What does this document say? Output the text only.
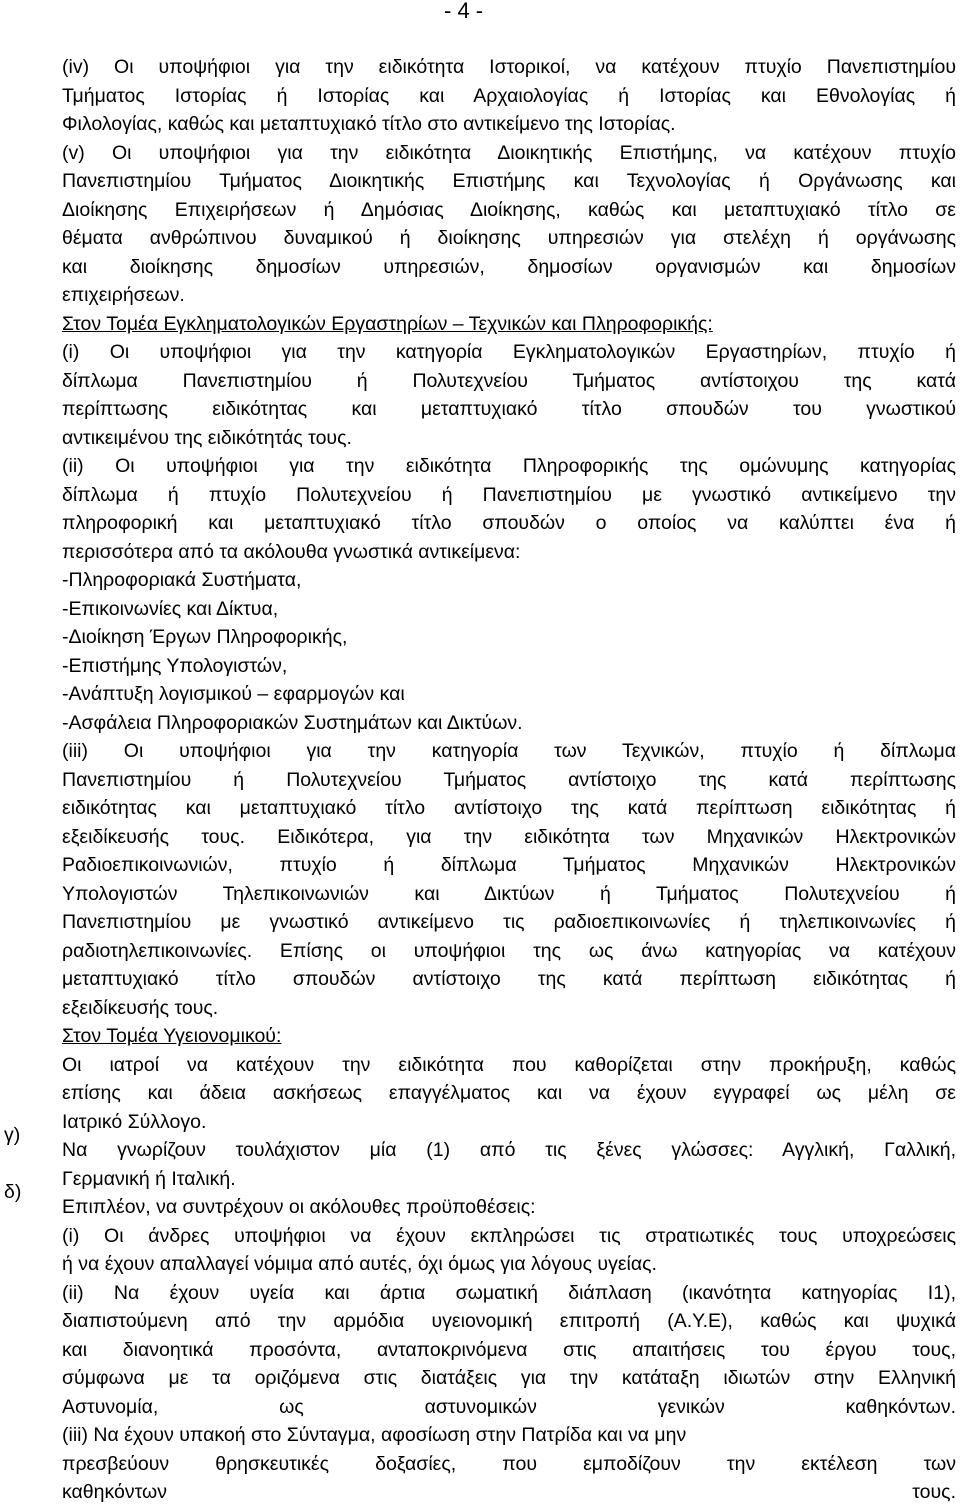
- 4 -
γ)
δ)
(iv) Οι υποψήφιοι για την ειδικότητα Ιστορικοί, να κατέχουν πτυχίο Πανεπιστημίου
Τμήματος Ιστορίας ή Ιστορίας και Αρχαιολογίας ή Ιστορίας και Εθνολογίας ή
Φιλολογίας, καθώς και μεταπτυχιακό τίτλο στο αντικείμενο της Ιστορίας.
(v) Οι υποψήφιοι για την ειδικότητα Διοικητικής Επιστήμης, να κατέχουν πτυχίο
Πανεπιστημίου Τμήματος Διοικητικής Επιστήμης και Τεχνολογίας ή Οργάνωσης και
Διοίκησης Επιχειρήσεων ή Δημόσιας Διοίκησης, καθώς και μεταπτυχιακό τίτλο σε
θέματα ανθρώπινου δυναμικού ή διοίκησης υπηρεσιών για στελέχη ή οργάνωσης
και διοίκησης δημοσίων υπηρεσιών, δημοσίων οργανισμών και δημοσίων
επιχειρήσεων.
Στον Τομέα Εγκληματολογικών Εργαστηρίων – Τεχνικών και Πληροφορικής:
(i) Οι υποψήφιοι για την κατηγορία Εγκληματολογικών Εργαστηρίων, πτυχίο ή
δίπλωμα Πανεπιστημίου ή Πολυτεχνείου Τμήματος αντίστοιχου της κατά
περίπτωσης ειδικότητας και μεταπτυχιακό τίτλο σπουδών του γνωστικού
αντικειμένου της ειδικότητάς τους.
(ii) Οι υποψήφιοι για την ειδικότητα Πληροφορικής της ομώνυμης κατηγορίας
δίπλωμα ή πτυχίο Πολυτεχνείου ή Πανεπιστημίου με γνωστικό αντικείμενο την
πληροφορική και μεταπτυχιακό τίτλο σπουδών ο οποίος να καλύπτει ένα ή
περισσότερα από τα ακόλουθα γνωστικά αντικείμενα:
-Πληροφοριακά Συστήματα,
-Επικοινωνίες και Δίκτυα,
-Διοίκηση Έργων Πληροφορικής,
-Επιστήμης Υπολογιστών,
-Ανάπτυξη λογισμικού – εφαρμογών και
-Ασφάλεια Πληροφοριακών Συστημάτων και Δικτύων.
(iii) Οι υποψήφιοι για την κατηγορία των Τεχνικών, πτυχίο ή δίπλωμα
Πανεπιστημίου ή Πολυτεχνείου Τμήματος αντίστοιχο της κατά περίπτωσης
ειδικότητας και μεταπτυχιακό τίτλο αντίστοιχο της κατά περίπτωση ειδικότητας ή
εξειδίκευσής τους. Ειδικότερα, για την ειδικότητα των Μηχανικών Ηλεκτρονικών
Ραδιοεπικοινωνιών, πτυχίο ή δίπλωμα Τμήματος Μηχανικών Ηλεκτρονικών
Υπολογιστών Τηλεπικοινωνιών και Δικτύων ή Τμήματος Πολυτεχνείου ή
Πανεπιστημίου με γνωστικό αντικείμενο τις ραδιοεπικοινωνίες ή τηλεπικοινωνίες ή
ραδιοτηλεπικοινωνίες. Επίσης οι υποψήφιοι της ως άνω κατηγορίας να κατέχουν
μεταπτυχιακό τίτλο σπουδών αντίστοιχο της κατά περίπτωση ειδικότητας ή
εξειδίκευσής τους.
Στον Τομέα Υγειονομικού:
Οι ιατροί να κατέχουν την ειδικότητα που καθορίζεται στην προκήρυξη, καθώς
επίσης και άδεια ασκήσεως επαγγέλματος και να έχουν εγγραφεί ως μέλη σε
Ιατρικό Σύλλογο.
Να γνωρίζουν τουλάχιστον μία (1) από τις ξένες γλώσσες: Αγγλική, Γαλλική,
Γερμανική ή Ιταλική.
Επιπλέον, να συντρέχουν οι ακόλουθες προϋποθέσεις:
(i) Οι άνδρες υποψήφιοι να έχουν εκπληρώσει τις στρατιωτικές τους υποχρεώσεις
ή να έχουν απαλλαγεί νόμιμα από αυτές, όχι όμως για λόγους υγείας.
(ii) Να έχουν υγεία και άρτια σωματική διάπλαση (ικανότητα κατηγορίας Ι1),
διαπιστούμενη από την αρμόδια υγειονομική επιτροπή (Α.Υ.Ε), καθώς και ψυχικά
και διανοητικά προσόντα, ανταποκρινόμενα στις απαιτήσεις του έργου τους,
σύμφωνα με τα οριζόμενα στις διατάξεις για την κατάταξη ιδιωτών στην Ελληνική
Αστυνομία, ως αστυνομικών γενικών καθηκόντων.
(iii) Να έχουν υπακοή στο Σύνταγμα, αφοσίωση στην Πατρίδα και να μην
πρεσβεύουν θρησκευτικές δοξασίες, που εμποδίζουν την εκτέλεση των
καθηκόντων τους.
